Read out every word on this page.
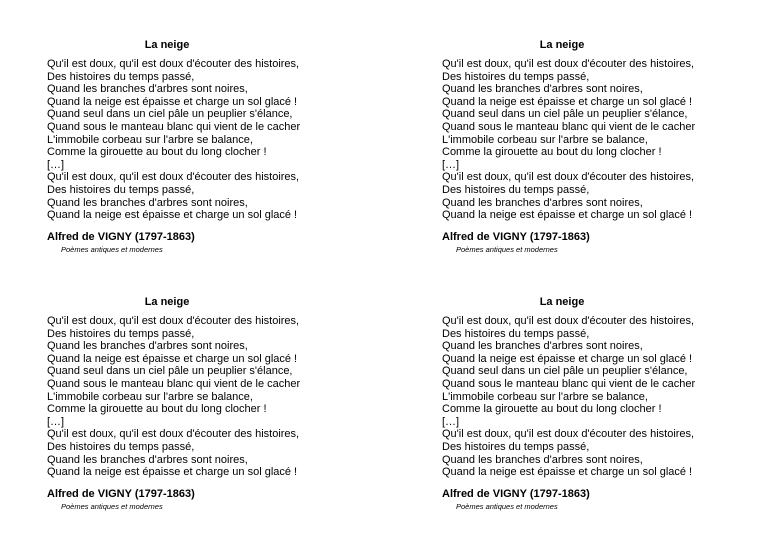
La neige
Qu'il est doux, qu'il est doux d'écouter des histoires,
Des histoires du temps passé,
Quand les branches d'arbres sont noires,
Quand la neige est épaisse et charge un sol glacé !
Quand seul dans un ciel pâle un peuplier s'élance,
Quand sous le manteau blanc qui vient de le cacher
L'immobile corbeau sur l'arbre se balance,
Comme la girouette au bout du long clocher !
[…]
Qu'il est doux, qu'il est doux d'écouter des histoires,
Des histoires du temps passé,
Quand les branches d'arbres sont noires,
Quand la neige est épaisse et charge un sol glacé !
Alfred de VIGNY (1797-1863)
Poèmes antiques et modernes
La neige
Qu'il est doux, qu'il est doux d'écouter des histoires,
Des histoires du temps passé,
Quand les branches d'arbres sont noires,
Quand la neige est épaisse et charge un sol glacé !
Quand seul dans un ciel pâle un peuplier s'élance,
Quand sous le manteau blanc qui vient de le cacher
L'immobile corbeau sur l'arbre se balance,
Comme la girouette au bout du long clocher !
[…]
Qu'il est doux, qu'il est doux d'écouter des histoires,
Des histoires du temps passé,
Quand les branches d'arbres sont noires,
Quand la neige est épaisse et charge un sol glacé !
Alfred de VIGNY (1797-1863)
Poèmes antiques et modernes
La neige
Qu'il est doux, qu'il est doux d'écouter des histoires,
Des histoires du temps passé,
Quand les branches d'arbres sont noires,
Quand la neige est épaisse et charge un sol glacé !
Quand seul dans un ciel pâle un peuplier s'élance,
Quand sous le manteau blanc qui vient de le cacher
L'immobile corbeau sur l'arbre se balance,
Comme la girouette au bout du long clocher !
[…]
Qu'il est doux, qu'il est doux d'écouter des histoires,
Des histoires du temps passé,
Quand les branches d'arbres sont noires,
Quand la neige est épaisse et charge un sol glacé !
Alfred de VIGNY (1797-1863)
Poèmes antiques et modernes
La neige
Qu'il est doux, qu'il est doux d'écouter des histoires,
Des histoires du temps passé,
Quand les branches d'arbres sont noires,
Quand la neige est épaisse et charge un sol glacé !
Quand seul dans un ciel pâle un peuplier s'élance,
Quand sous le manteau blanc qui vient de le cacher
L'immobile corbeau sur l'arbre se balance,
Comme la girouette au bout du long clocher !
[…]
Qu'il est doux, qu'il est doux d'écouter des histoires,
Des histoires du temps passé,
Quand les branches d'arbres sont noires,
Quand la neige est épaisse et charge un sol glacé !
Alfred de VIGNY (1797-1863)
Poèmes antiques et modernes
